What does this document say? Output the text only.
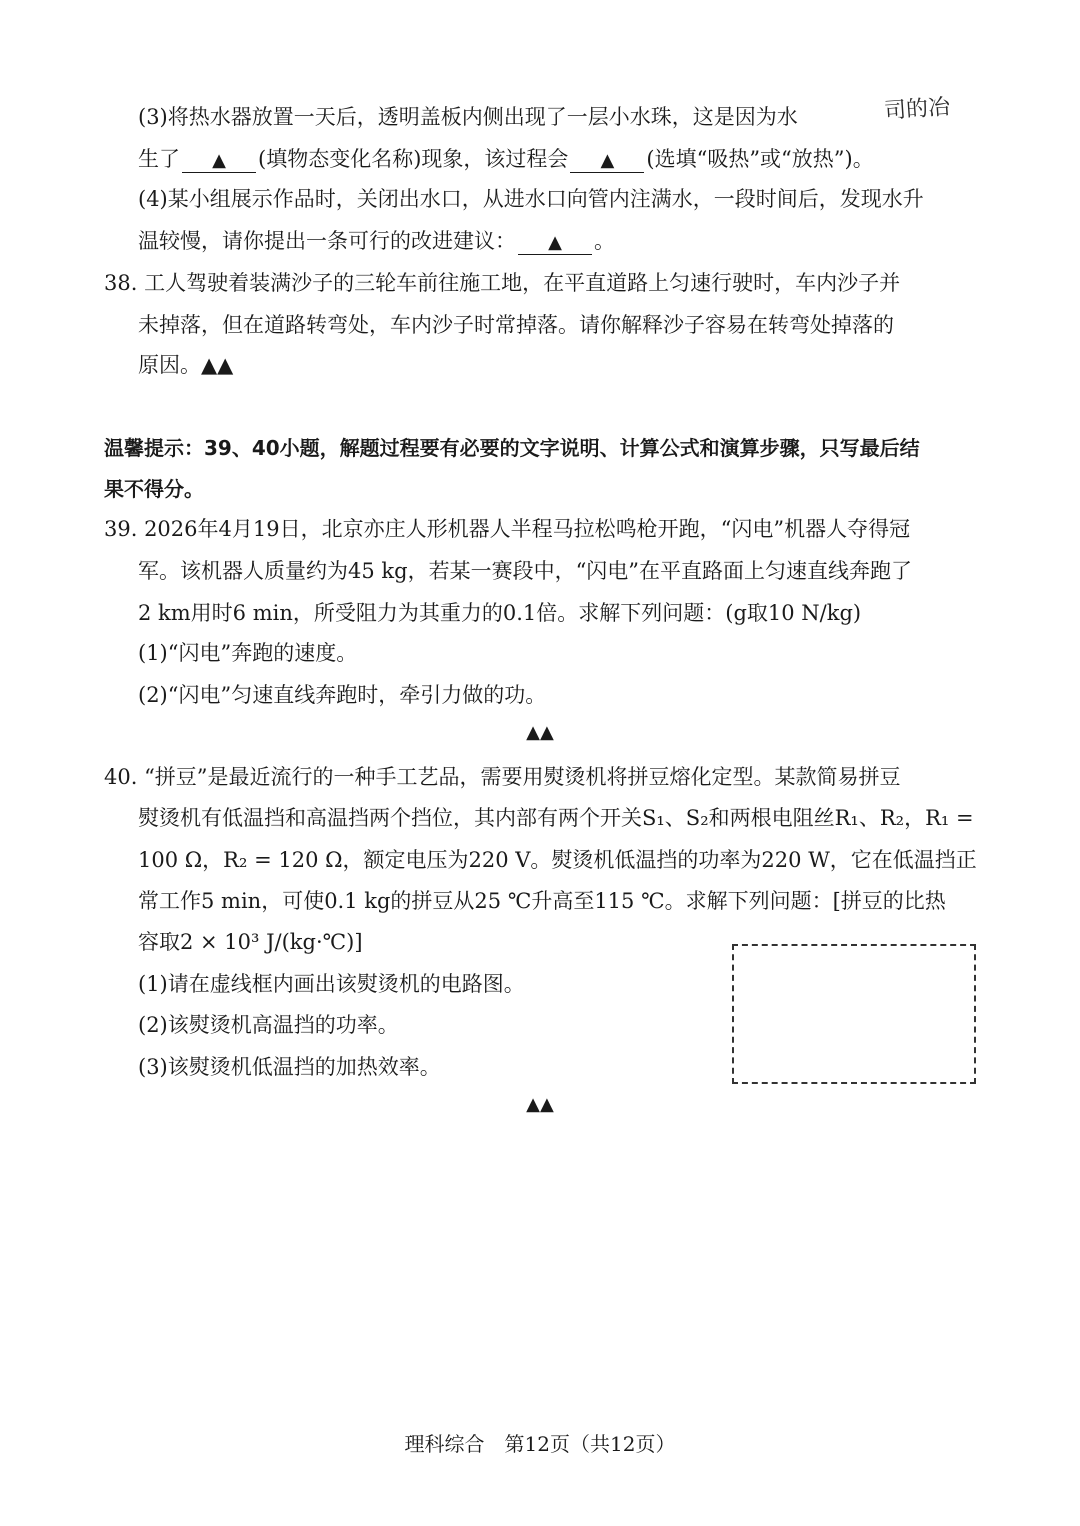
(3)将热水器放置一天后，透明盖板内侧出现了一层小水珠，这是因为水	司的冶
生了 ▲ (填物态变化名称)现象，该过程会 ▲ (选填“吸热”或“放热”)。
(4)某小组展示作品时，关闭出水口，从进水口向管内注满水，一段时间后，发现水升
温较慢，请你提出一条可行的改进建议： ▲ 。
38. 工人驾驶着装满沙子的三轮车前往施工地，在平直道路上匀速行驶时，车内沙子并
未掉落，但在道路转弯处，车内沙子时常掉落。请你解释沙子容易在转弯处掉落的
原因。▲▲
温馨提示：39、40小题，解题过程要有必要的文字说明、计算公式和演算步骤，只写最后结
果不得分。
39. 2026年4月19日，北京亦庄人形机器人半程马拉松鸣枪开跑，“闪电”机器人夺得冠
军。该机器人质量约为45 kg，若某一赛段中，“闪电”在平直路面上匀速直线奔跑了
2 km用时6 min，所受阻力为其重力的0.1倍。求解下列问题：(g取10 N/kg)
(1)“闪电”奔跑的速度。
(2)“闪电”匀速直线奔跑时，牵引力做的功。
▲▲
40. “拼豆”是最近流行的一种手工艺品，需要用熨烫机将拼豆熔化定型。某款简易拼豆
熨烫机有低温挡和高温挡两个挡位，其内部有两个开关S₁、S₂和两根电阻丝R₁、R₂，R₁ =
100 Ω，R₂ = 120 Ω，额定电压为220 V。熨烫机低温挡的功率为220 W，它在低温挡正
常工作5 min，可使0.1 kg的拼豆从25 ℃升高至115 ℃。求解下列问题：[拼豆的比热
容取2 × 10³ J/(kg·℃)]
(1)请在虚线框内画出该熨烫机的电路图。
(2)该熨烫机高温挡的功率。
(3)该熨烫机低温挡的加热效率。
▲▲
理科综合　第12页（共12页）
